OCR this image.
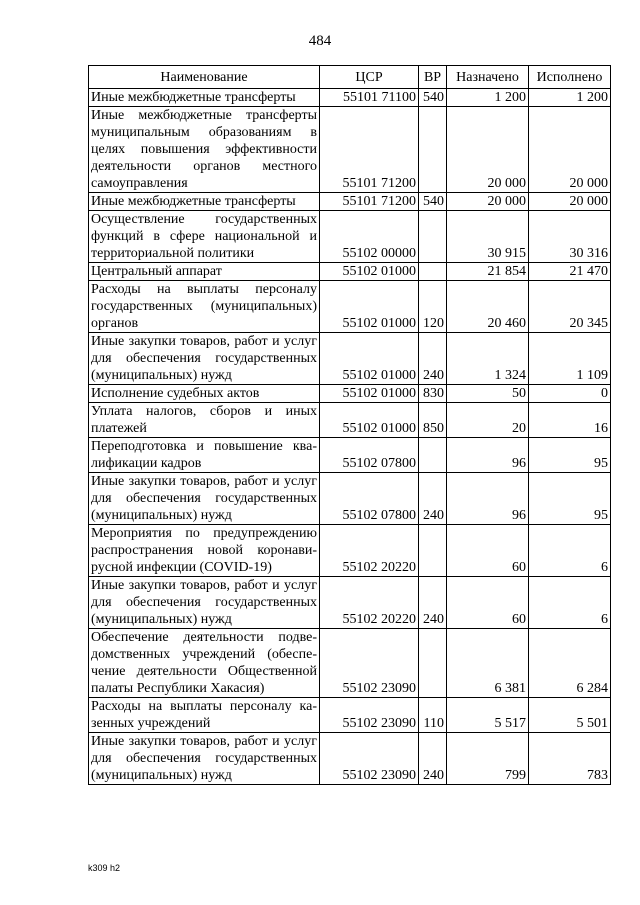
484
Наименование	ЦСР	ВР	Назначено	Исполнено
Иные межбюджетные трансферты	55101 71100	540	1 200	1 200
Иные межбюджетные трансферты муниципальным образованиям в целях повышения эффективности деятельности органов местного самоуправления	55101 71200		20 000	20 000
Иные межбюджетные трансферты	55101 71200	540	20 000	20 000
Осуществление государственных функций в сфере национальной и территориальной политики	55102 00000		30 915	30 316
Центральный аппарат	55102 01000		21 854	21 470
Расходы на выплаты персоналу государственных (муниципальных) органов	55102 01000	120	20 460	20 345
Иные закупки товаров, работ и услуг для обеспечения государственных (муниципальных) нужд	55102 01000	240	1 324	1 109
Исполнение судебных актов	55102 01000	830	50	0
Уплата налогов, сборов и иных платежей	55102 01000	850	20	16
Переподготовка и повышение квалификации кадров	55102 07800		96	95
Иные закупки товаров, работ и услуг для обеспечения государственных (муниципальных) нужд	55102 07800	240	96	95
Мероприятия по предупреждению распространения новой коронавирусной инфекции (COVID-19)	55102 20220		60	6
Иные закупки товаров, работ и услуг для обеспечения государственных (муниципальных) нужд	55102 20220	240	60	6
Обеспечение деятельности подведомственных учреждений (обеспечение деятельности Общественной палаты Республики Хакасия)	55102 23090		6 381	6 284
Расходы на выплаты персоналу казенных учреждений	55102 23090	110	5 517	5 501
Иные закупки товаров, работ и услуг для обеспечения государственных (муниципальных) нужд	55102 23090	240	799	783
k309 h2
